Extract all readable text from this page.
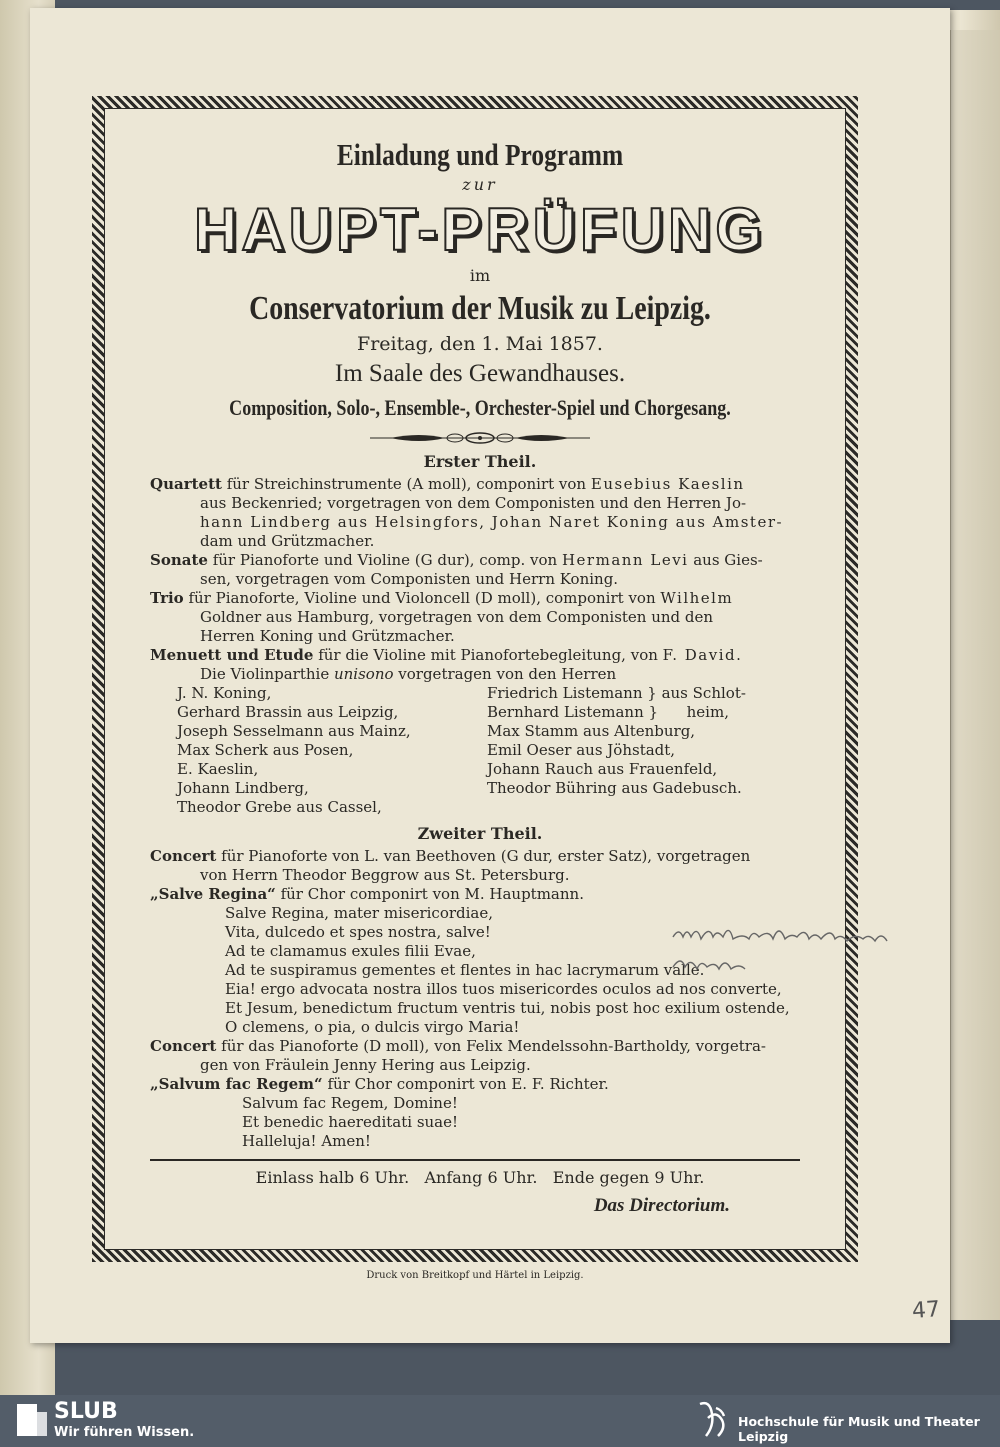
Einladung und Programm

zur

HAUPT-PRÜFUNG

im

Conservatorium der Musik zu Leipzig.

Freitag, den 1. Mai 1857.

Im Saale des Gewandhauses.

Composition, Solo-, Ensemble-, Orchester-Spiel und Chorgesang.

Erster Theil.

Quartett für Streichinstrumente (A moll), componirt von Eusebius Kaeslin
aus Beckenried; vorgetragen von dem Componisten und den Herren Jo-
hann Lindberg aus Helsingfors, Johan Naret Koning aus Amster-
dam und Grützmacher.

Sonate für Pianoforte und Violine (G dur), comp. von Hermann Levi aus Gies-
sen, vorgetragen vom Componisten und Herrn Koning.

Trio für Pianoforte, Violine und Violoncell (D moll), componirt von Wilhelm
Goldner aus Hamburg, vorgetragen von dem Componisten und den
Herren Koning und Grützmacher.

Menuett und Etude für die Violine mit Pianofortebegleitung, von F. David.
Die Violinparthie unisono vorgetragen von den Herren

J. N. Koning,
Gerhard Brassin aus Leipzig,
Joseph Sesselmann aus Mainz,
Max Scherk aus Posen,
E. Kaeslin,
Johann Lindberg,
Theodor Grebe aus Cassel,
Friedrich Listemann } aus Schlot-
Bernhard Listemann }      heim,
Max Stamm aus Altenburg,
Emil Oeser aus Jöhstadt,
Johann Rauch aus Frauenfeld,
Theodor Bühring aus Gadebusch.

Zweiter Theil.

Concert für Pianoforte von L. van Beethoven (G dur, erster Satz), vorgetragen
von Herrn Theodor Beggrow aus St. Petersburg.

„Salve Regina“ für Chor componirt von M. Hauptmann.

Salve Regina, mater misericordiae,

Vita, dulcedo et spes nostra, salve!

Ad te clamamus exules filii Evae,

Ad te suspiramus gementes et flentes in hac lacrymarum valle.

Eia! ergo advocata nostra illos tuos misericordes oculos ad nos converte,

Et Jesum, benedictum fructum ventris tui, nobis post hoc exilium ostende,

O clemens, o pia, o dulcis virgo Maria!

Concert für das Pianoforte (D moll), von Felix Mendelssohn-Bartholdy, vorgetra-
gen von Fräulein Jenny Hering aus Leipzig.

„Salvum fac Regem“ für Chor componirt von E. F. Richter.

Salvum fac Regem, Domine!

Et benedic haereditati suae!

Halleluja! Amen!

Einlass halb 6 Uhr.   Anfang 6 Uhr.   Ende gegen 9 Uhr.

Das Directorium.

Druck von Breitkopf und Härtel in Leipzig.
47
SLUB
Wir führen Wissen.
Hochschule für Musik und Theater Leipzig
